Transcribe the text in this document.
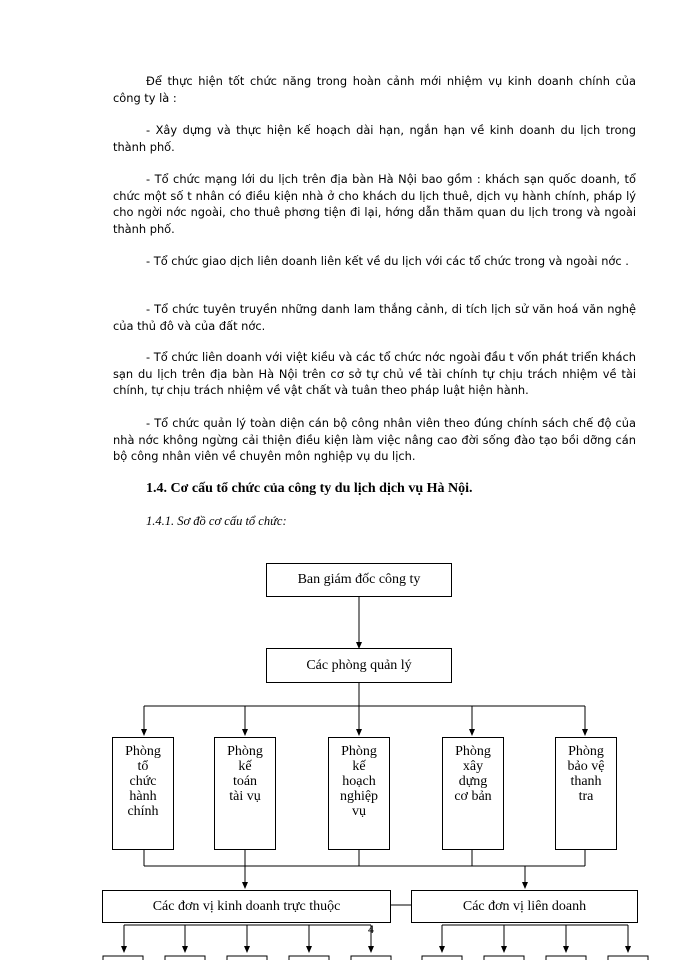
Để thực hiện tốt chức năng trong hoàn cảnh mới nhiệm vụ kinh doanh chính của công ty là :
- Xây dựng và thực hiện kế hoạch dài hạn, ngắn hạn về kinh doanh du lịch trong thành phố.
- Tổ chức mạng lới du lịch trên địa bàn Hà Nội bao gồm : khách sạn quốc doanh, tổ chức một số t nhân có điều kiện nhà ở cho khách du lịch thuê, dịch vụ hành chính, pháp lý cho ngời nớc ngoài, cho thuê phơng tiện đi lại, hớng dẫn thăm quan du lịch trong và ngoài thành phố.
- Tổ chức giao dịch liên doanh liên kết về du lịch với các tổ chức trong và ngoài nớc .
- Tổ chức tuyên truyền những danh lam thắng cảnh, di tích lịch sử văn hoá văn nghệ của thủ đô và của đất nớc.
- Tổ chức liên doanh với việt kiều và các tổ chức nớc ngoài đầu t vốn phát triển khách sạn du lịch trên địa bàn Hà Nội trên cơ sở tự chủ về tài chính tự chịu trách nhiệm về tài chính, tự chịu trách nhiệm về vật chất và tuân theo pháp luật hiện hành.
- Tổ chức quản lý toàn diện cán bộ công nhân viên theo đúng chính sách chế độ của nhà nớc không ngừng cải thiện điều kiện làm việc nâng cao đời sống đào tạo bồi dỡng cán bộ công nhân viên về chuyên môn nghiệp vụ du lịch.
1.4. Cơ cấu tổ chức của công ty du lịch dịch vụ Hà Nội.
1.4.1. Sơ đồ cơ cấu tổ chức:
Ban giám đốc công ty
Các phòng quản lý
Phòng
tổ
chức
hành
chính
Phòng
kế
toán
tài vụ
Phòng
kế
hoạch
nghiệp
vụ
Phòng
xây
dựng
cơ bản
Phòng
bảo vệ
thanh
tra
Các đơn vị kinh doanh trực thuộc	Các đơn vị liên doanh
4
